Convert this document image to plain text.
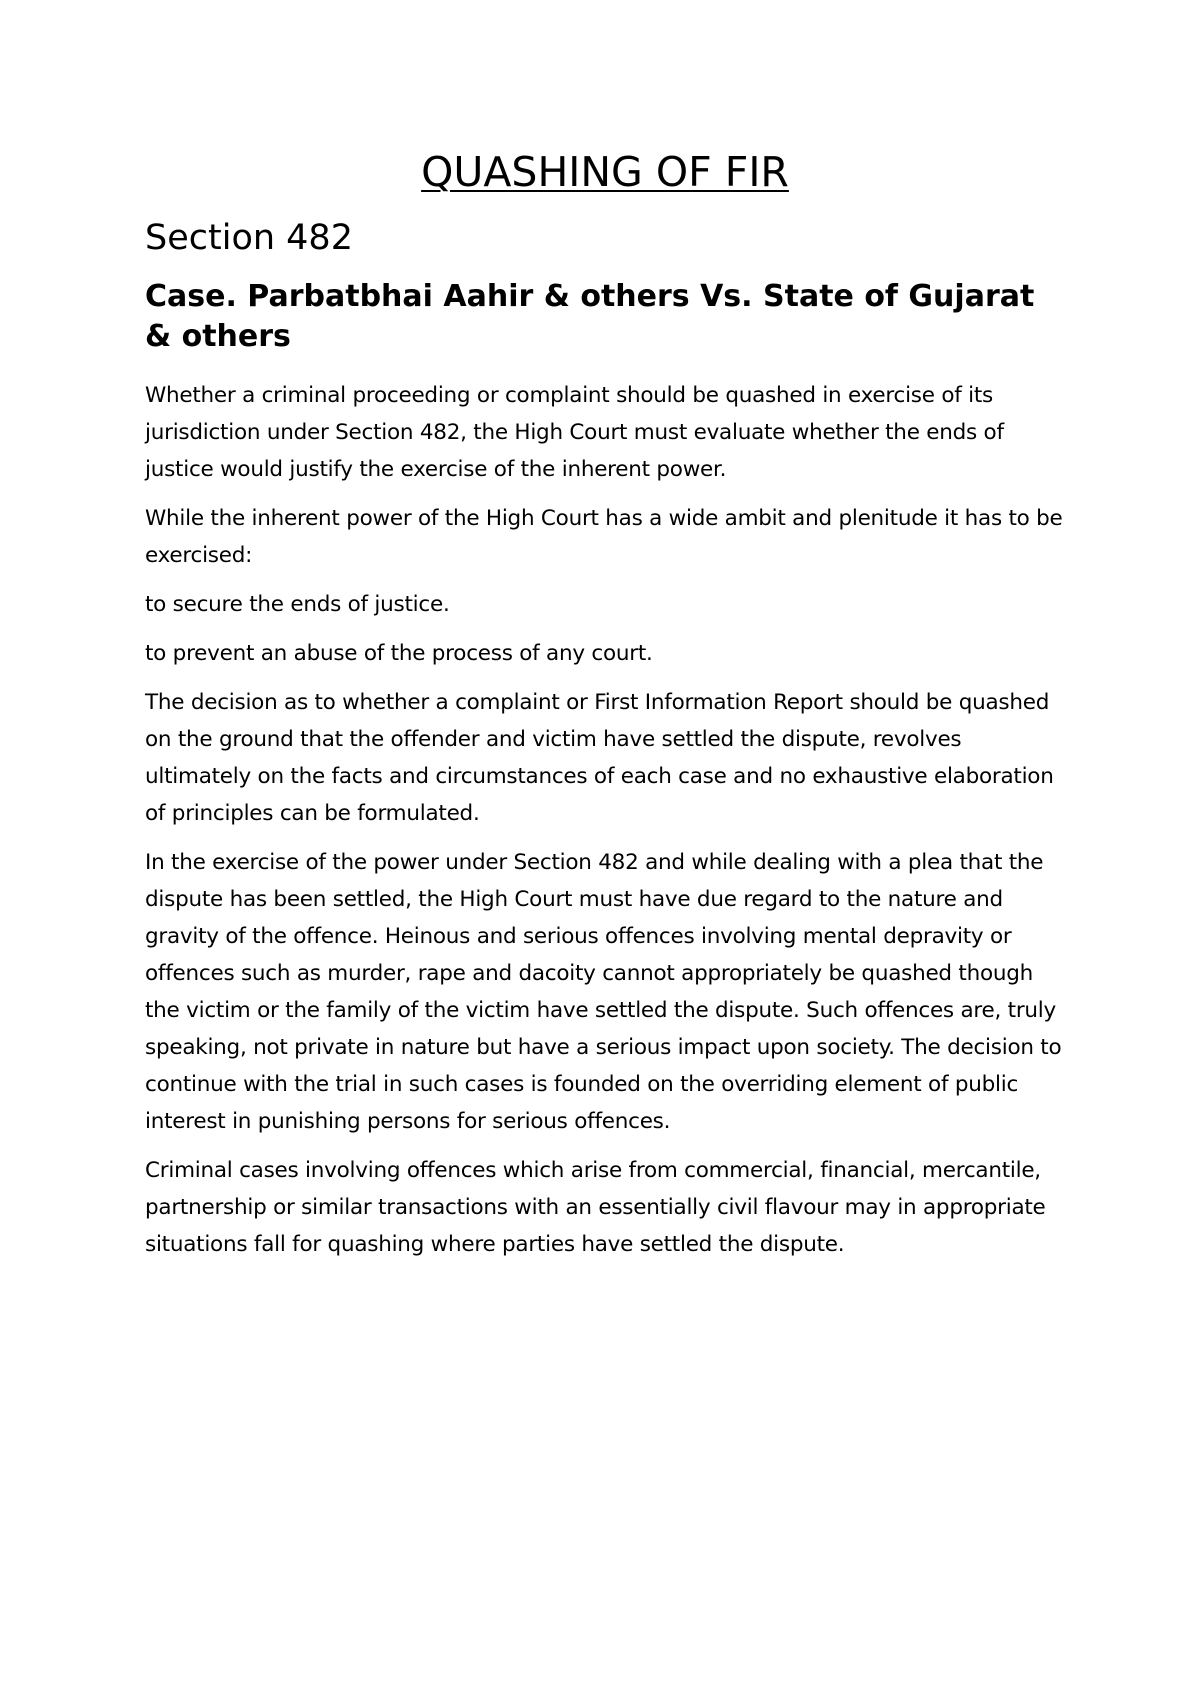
QUASHING OF FIR
Section 482
Case. Parbatbhai Aahir & others Vs. State of Gujarat & others

Whether a criminal proceeding or complaint should be quashed in exercise of its jurisdiction under Section 482, the High Court must evaluate whether the ends of justice would justify the exercise of the inherent power.

While the inherent power of the High Court has a wide ambit and plenitude it has to be exercised:

to secure the ends of justice.

to prevent an abuse of the process of any court.

The decision as to whether a complaint or First Information Report should be quashed on the ground that the offender and victim have settled the dispute, revolves ultimately on the facts and circumstances of each case and no exhaustive elaboration of principles can be formulated.

In the exercise of the power under Section 482 and while dealing with a plea that the dispute has been settled, the High Court must have due regard to the nature and gravity of the offence. Heinous and serious offences involving mental depravity or offences such as murder, rape and dacoity cannot appropriately be quashed though the victim or the family of the victim have settled the dispute. Such offences are, truly speaking, not private in nature but have a serious impact upon society. The decision to continue with the trial in such cases is founded on the overriding element of public interest in punishing persons for serious offences.

Criminal cases involving offences which arise from commercial, financial, mercantile, partnership or similar transactions with an essentially civil flavour may in appropriate situations fall for quashing where parties have settled the dispute.
